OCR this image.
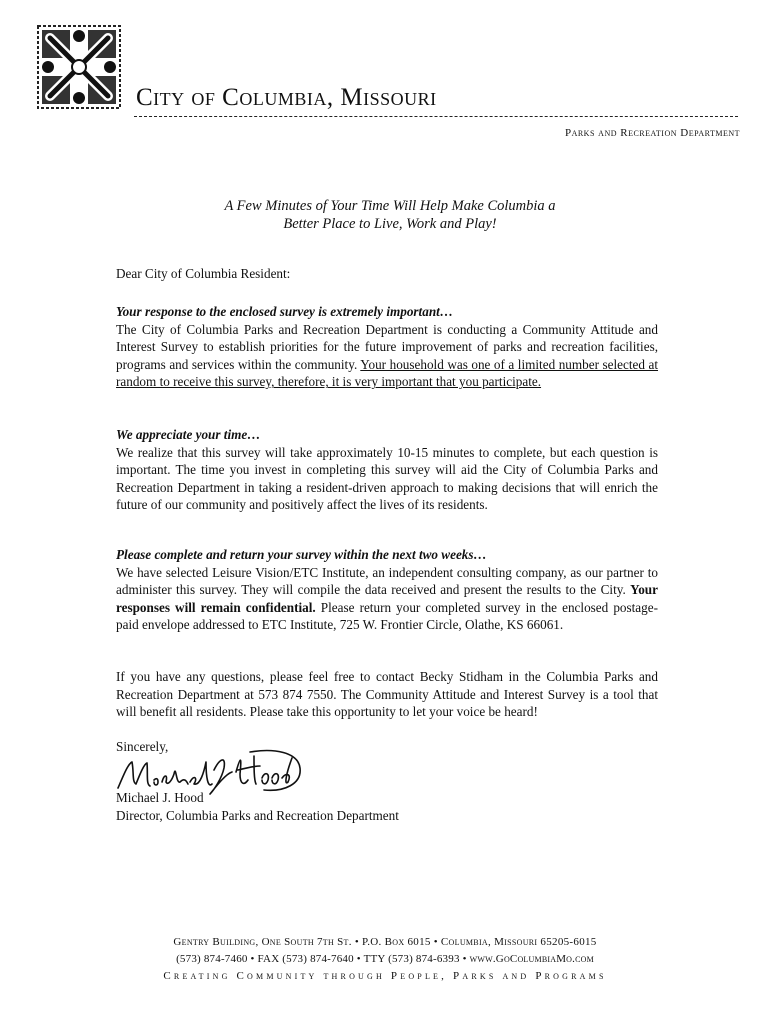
City of Columbia, Missouri
Parks and Recreation Department
A Few Minutes of Your Time Will Help Make Columbia a
Better Place to Live, Work and Play!
Dear City of Columbia Resident:
Your response to the enclosed survey is extremely important…
The City of Columbia Parks and Recreation Department is conducting a Community Attitude and Interest Survey to establish priorities for the future improvement of parks and recreation facilities, programs and services within the community. Your household was one of a limited number selected at random to receive this survey, therefore, it is very important that you participate.
We appreciate your time…
We realize that this survey will take approximately 10-15 minutes to complete, but each question is important. The time you invest in completing this survey will aid the City of Columbia Parks and Recreation Department in taking a resident-driven approach to making decisions that will enrich the future of our community and positively affect the lives of its residents.
Please complete and return your survey within the next two weeks…
We have selected Leisure Vision/ETC Institute, an independent consulting company, as our partner to administer this survey. They will compile the data received and present the results to the City. Your responses will remain confidential. Please return your completed survey in the enclosed postage-paid envelope addressed to ETC Institute, 725 W. Frontier Circle, Olathe, KS 66061.
If you have any questions, please feel free to contact Becky Stidham in the Columbia Parks and Recreation Department at 573 874 7550. The Community Attitude and Interest Survey is a tool that will benefit all residents. Please take this opportunity to let your voice be heard!
Sincerely,
Michael J. Hood
Director, Columbia Parks and Recreation Department
Gentry Building, One South 7th St. • P.O. Box 6015 • Columbia, Missouri 65205-6015
(573) 874-7460 • FAX (573) 874-7640 • TTY (573) 874-6393 • www.GoColumbiaMo.com
Creating Community through People, Parks and Programs
